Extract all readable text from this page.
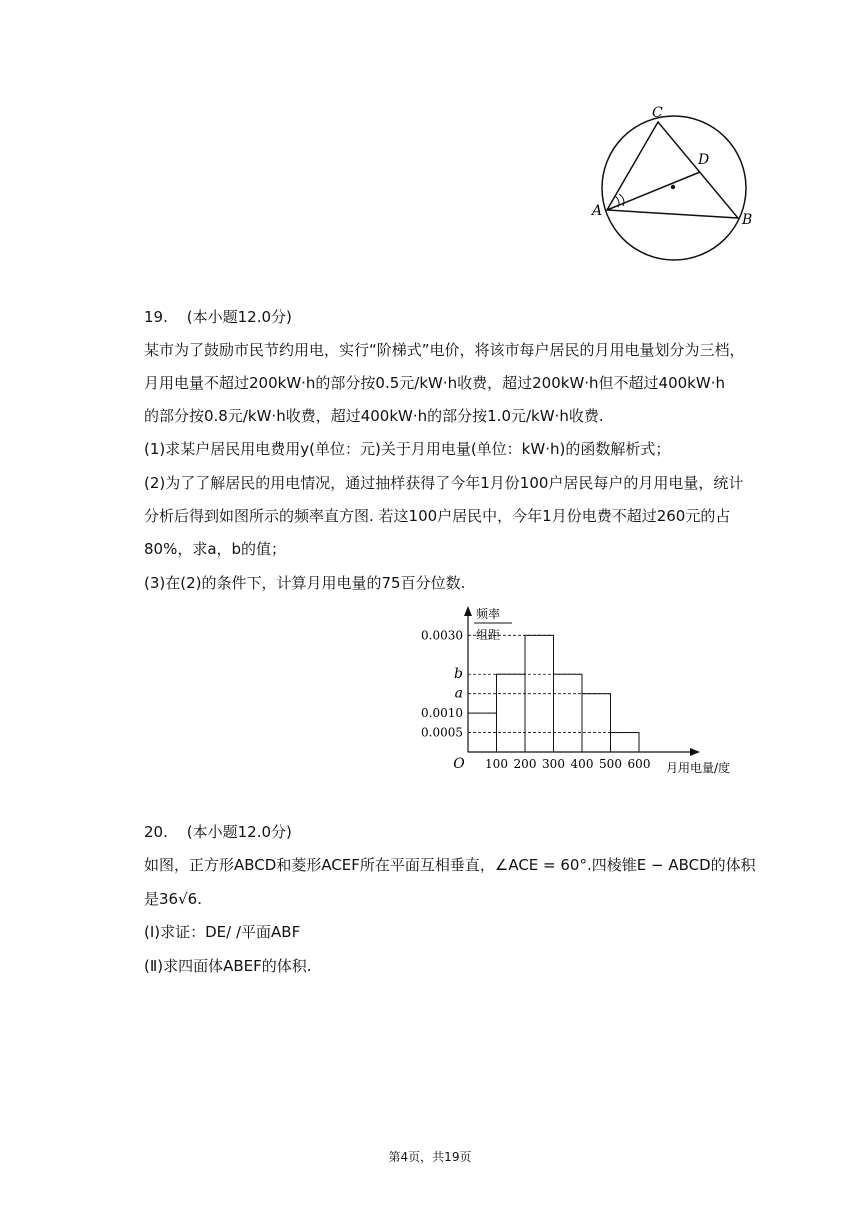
A
B
C
D
19. (本小题12.0分)
某市为了鼓励市民节约用电，实行“阶梯式”电价，将该市每户居民的月用电量划分为三档，
月用电量不超过200kW·h的部分按0.5元/kW·h收费，超过200kW·h但不超过400kW·h
的部分按0.8元/kW·h收费，超过400kW·h的部分按1.0元/kW·h收费.
(1)求某户居民用电费用y(单位：元)关于月用电量(单位：kW·h)的函数解析式；
(2)为了了解居民的用电情况，通过抽样获得了今年1月份100户居民每户的月用电量，统计
分析后得到如图所示的频率直方图. 若这100户居民中，今年1月份电费不超过260元的占
80%，求a，b的值；
(3)在(2)的条件下，计算月用电量的75百分位数.
0.0030
b
a
0.0010
0.0005
O 100 200 300 400 500 600
频率
组距
月用电量/度
20. (本小题12.0分)
如图，正方形ABCD和菱形ACEF所在平面互相垂直，∠ACE = 60°.四棱锥E − ABCD的体积
是36√6.
(Ⅰ)求证：DE/ /平面ABF
(Ⅱ)求四面体ABEF的体积.
第4页，共19页
